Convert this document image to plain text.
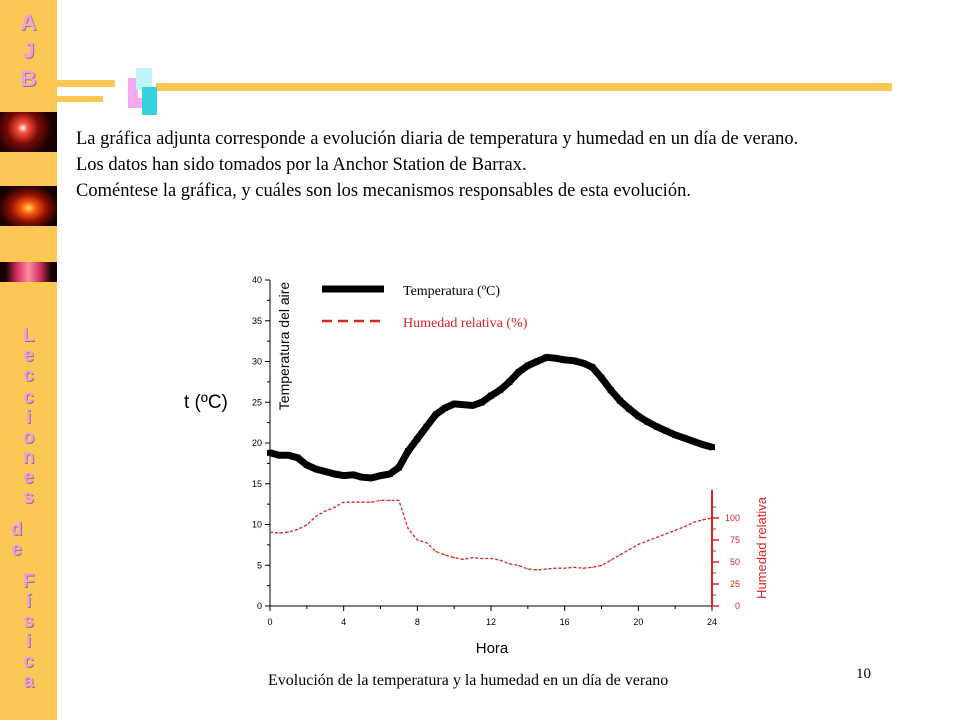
A
J
B
L
e
c
c
i
o
n
e
s
d
e
F
í
s
i
c
a
La gráfica adjunta corresponde a evolución diaria de temperatura y humedad en un día de verano.
Los datos han sido tomados por la Anchor Station de Barrax.
Coméntese la gráfica, y cuáles son los mecanismos responsables de esta evolución.
0
5
10
15
20
25
30
35
40
0	4	8	12	16	20	24
0
25
50
75
100
Hora
Temperatura del aire
t (ºC)
Humedad relativa
Temperatura (ºC)
Humedad relativa (%)
Evolución de la temperatura y la humedad en un día de verano	10
